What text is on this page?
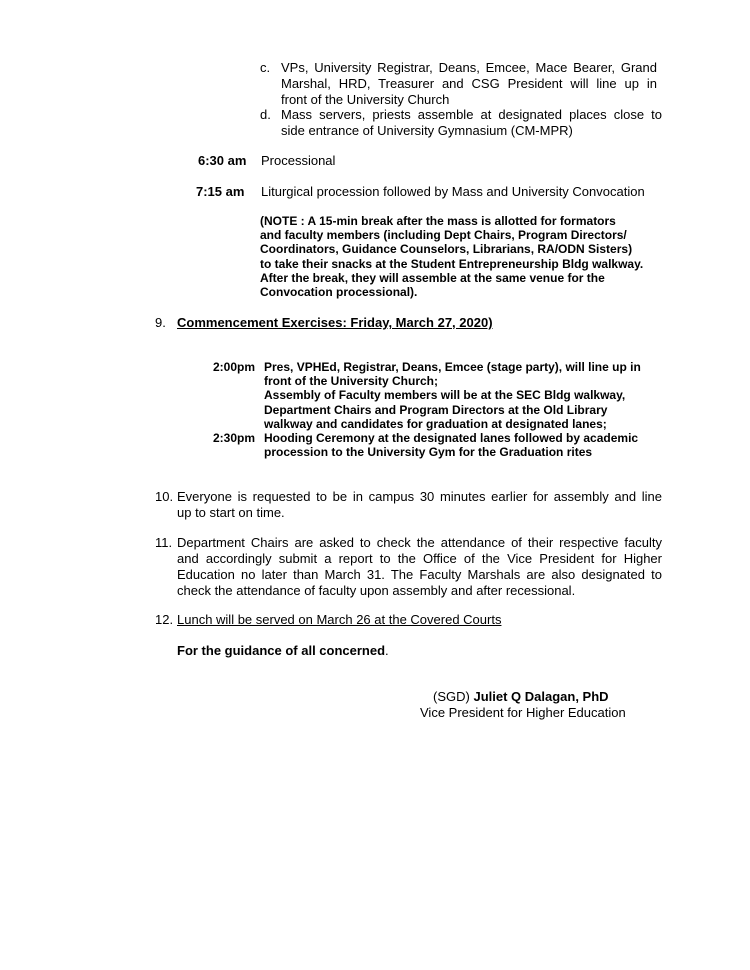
c. VPs, University Registrar, Deans, Emcee, Mace Bearer, Grand
Marshal, HRD, Treasurer and CSG President will line up in
front of the University Church
d. Mass servers, priests assemble at designated places close to
side entrance of University Gymnasium (CM-MPR)
6:30 am Processional
7:15 am Liturgical procession followed by Mass and University Convocation
(NOTE : A 15-min break after the mass is allotted for formators
and faculty members (including Dept Chairs, Program Directors/
Coordinators, Guidance Counselors, Librarians, RA/ODN Sisters)
to take their snacks at the Student Entrepreneurship Bldg walkway.
After the break, they will assemble at the same venue for the
Convocation processional).
9. Commencement Exercises: Friday, March 27, 2020)
2:00pm Pres, VPHEd, Registrar, Deans, Emcee (stage party), will line up in
front of the University Church;
Assembly of Faculty members will be at the SEC Bldg walkway,
Department Chairs and Program Directors at the Old Library
walkway and candidates for graduation at designated lanes;
2:30pm Hooding Ceremony at the designated lanes followed by academic
procession to the University Gym for the Graduation rites
10. Everyone is requested to be in campus 30 minutes earlier for assembly and line
up to start on time.
11. Department Chairs are asked to check the attendance of their respective faculty
and accordingly submit a report to the Office of the Vice President for Higher
Education no later than March 31. The Faculty Marshals are also designated to
check the attendance of faculty upon assembly and after recessional.
12. Lunch will be served on March 26 at the Covered Courts
For the guidance of all concerned.
(SGD) Juliet Q Dalagan, PhD
Vice President for Higher Education
